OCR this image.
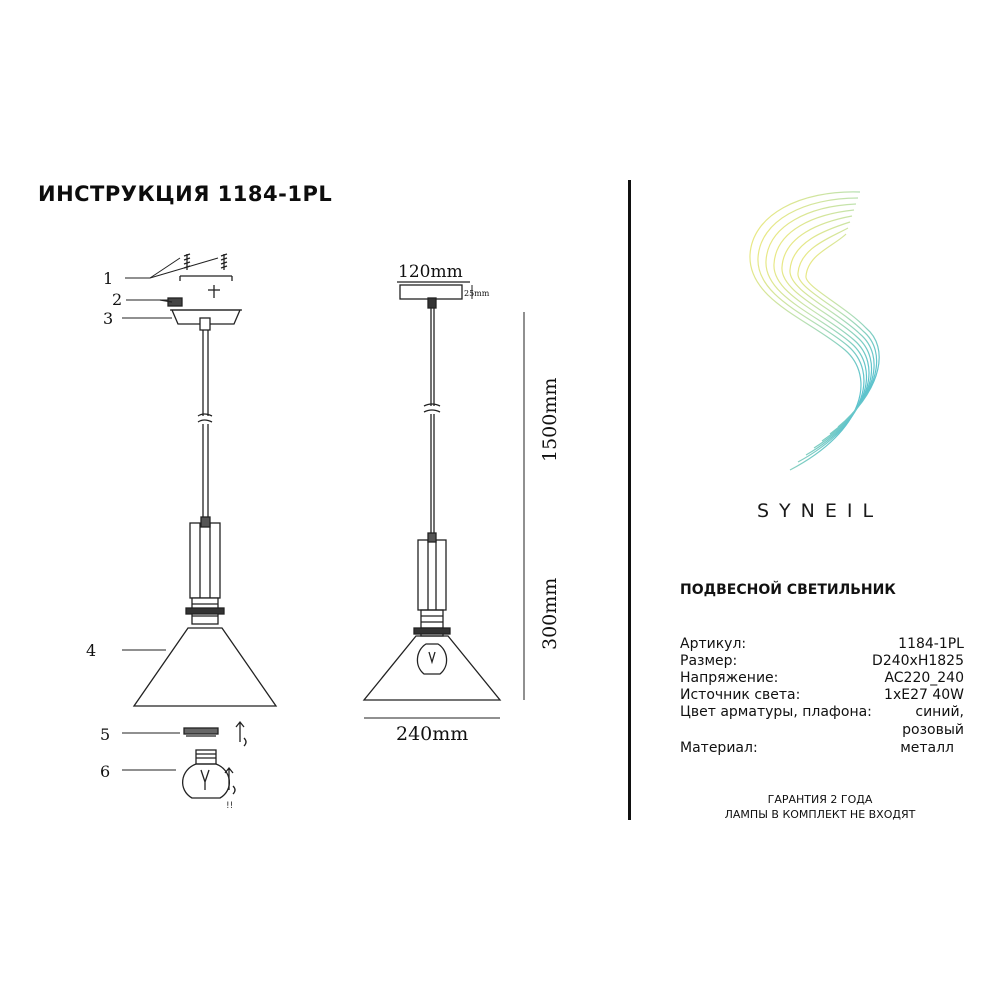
ИНСТРУКЦИЯ 1184-1PL
1
2
3
4
5
6
!!
120mm
25mm
240mm
1500mm
300mm
SYNEIL
ПОДВЕСНОЙ СВЕТИЛЬНИК
Артикул:	1184-1PL
Размер:	D240xH1825
Напряжение:	AC220_240
Источник света:	1xE27 40W
Цвет арматуры, плафона:	синий,
розовый
Материал:	металл
ГАРАНТИЯ 2 ГОДА
ЛАМПЫ В КОМПЛЕКТ НЕ ВХОДЯТ
